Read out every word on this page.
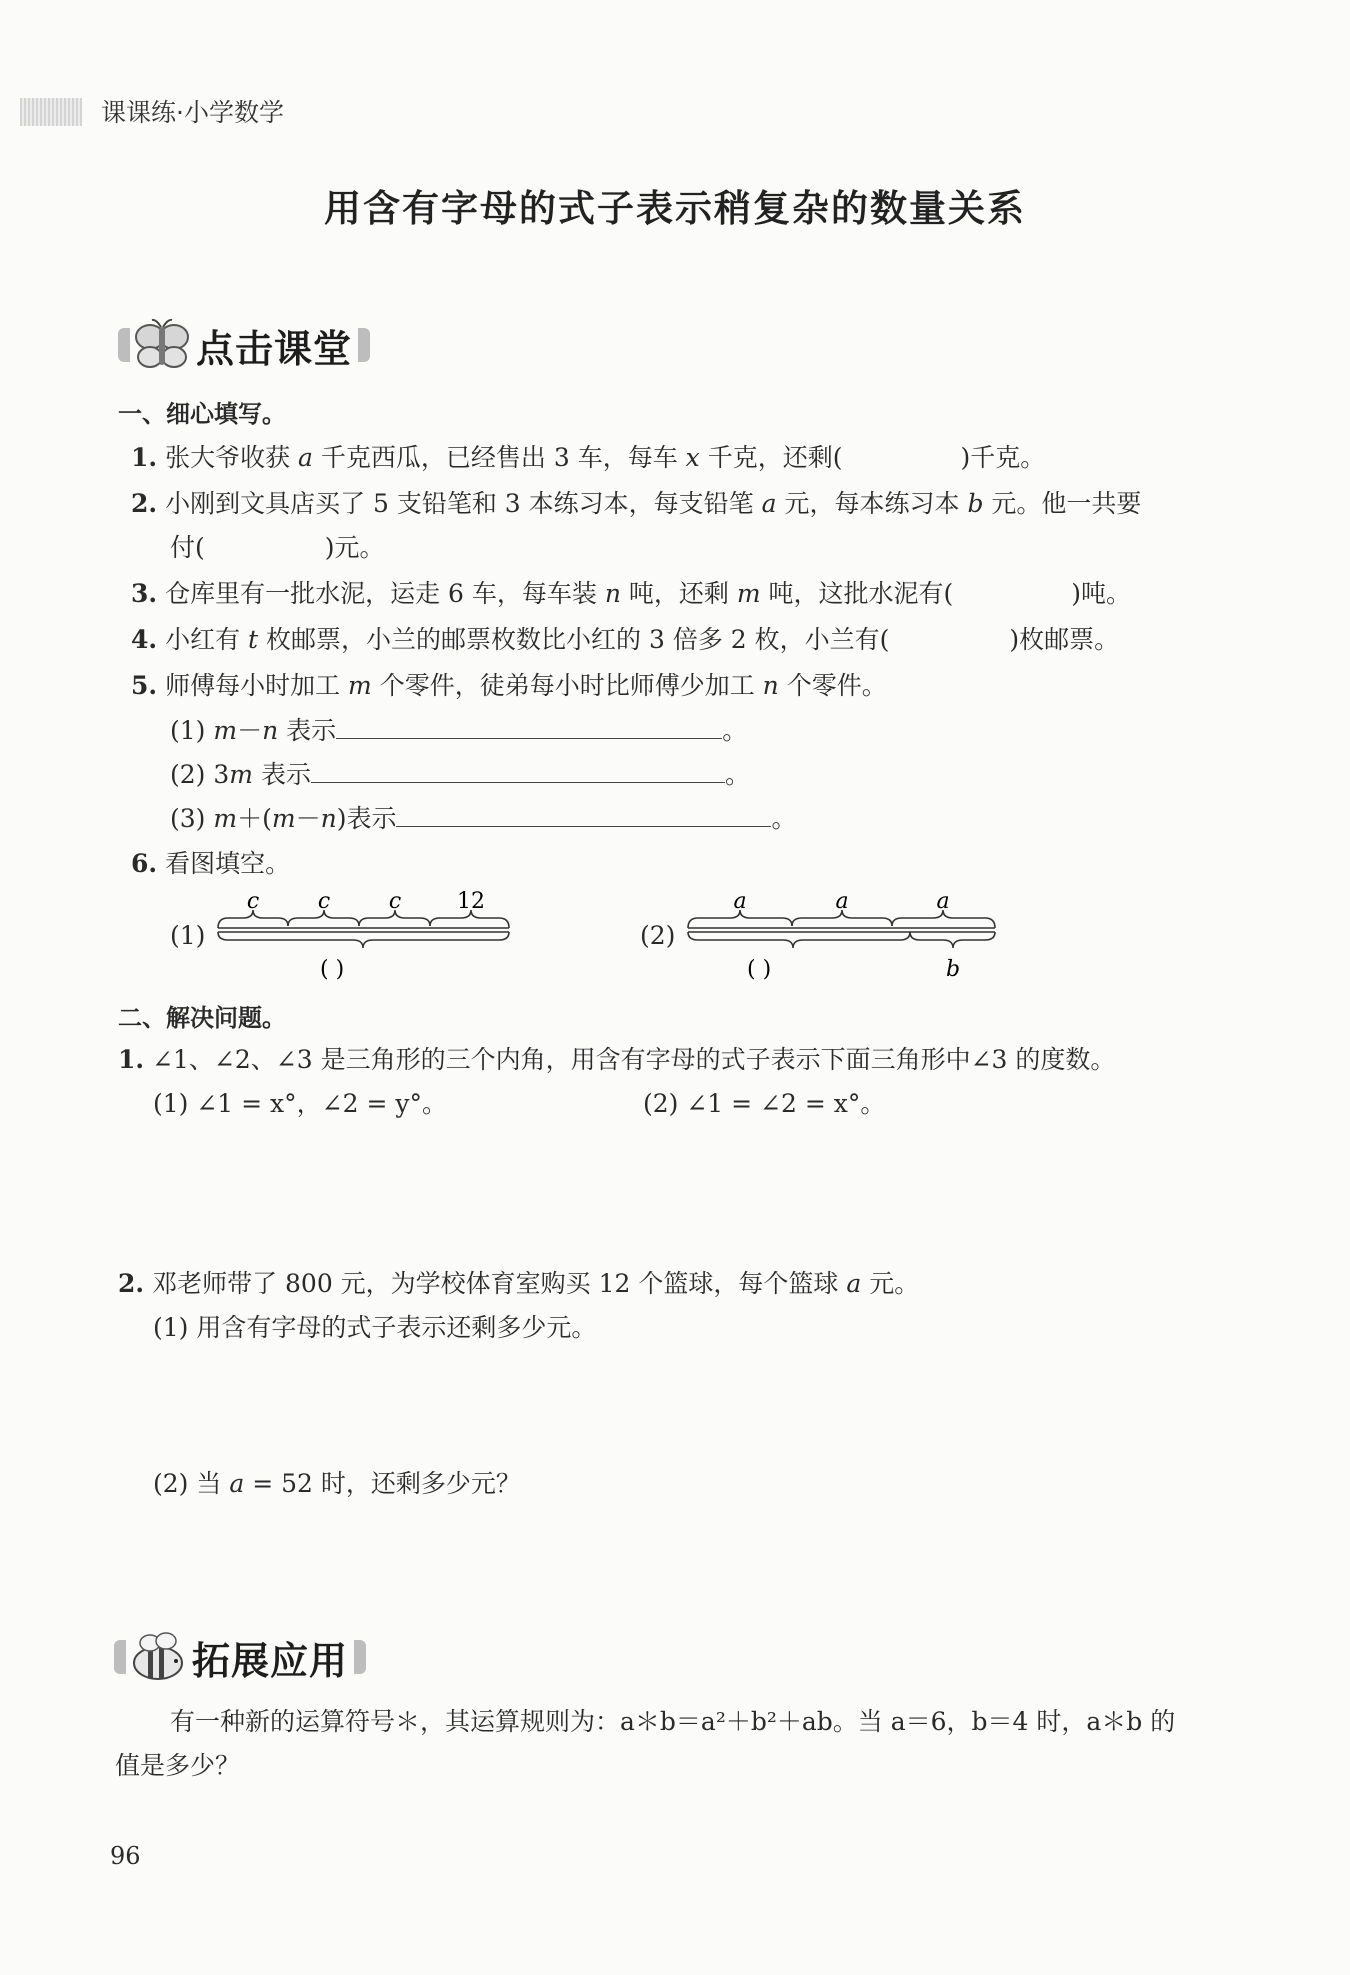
课课练·小学数学
用含有字母的式子表示稍复杂的数量关系
点击课堂
一、细心填写。
1. 张大爷收获 a 千克西瓜，已经售出 3 车，每车 x 千克，还剩(	)千克。
2. 小刚到文具店买了 5 支铅笔和 3 本练习本，每支铅笔 a 元，每本练习本 b 元。他一共要
付(	)元。
3. 仓库里有一批水泥，运走 6 车，每车装 n 吨，还剩 m 吨，这批水泥有(	)吨。
4. 小红有 t 枚邮票，小兰的邮票枚数比小红的 3 倍多 2 枚，小兰有(	)枚邮票。
5. 师傅每小时加工 m 个零件，徒弟每小时比师傅少加工 n 个零件。
(1) m－n 表示	。
(2) 3m 表示	。
(3) m＋(m－n)表示	。
6. 看图填空。
(1)
c	c	c	12
( )
(2)
a	a	a
( )	b
二、解决问题。
1. ∠1、∠2、∠3 是三角形的三个内角，用含有字母的式子表示下面三角形中∠3 的度数。
(1) ∠1 = x°，∠2 = y°。	(2) ∠1 = ∠2 = x°。
2. 邓老师带了 800 元，为学校体育室购买 12 个篮球，每个篮球 a 元。
(1) 用含有字母的式子表示还剩多少元。
(2) 当 a = 52 时，还剩多少元？
拓展应用
有一种新的运算符号＊，其运算规则为：a＊b＝a²＋b²＋ab。当 a＝6，b＝4 时，a＊b 的
值是多少？
96
